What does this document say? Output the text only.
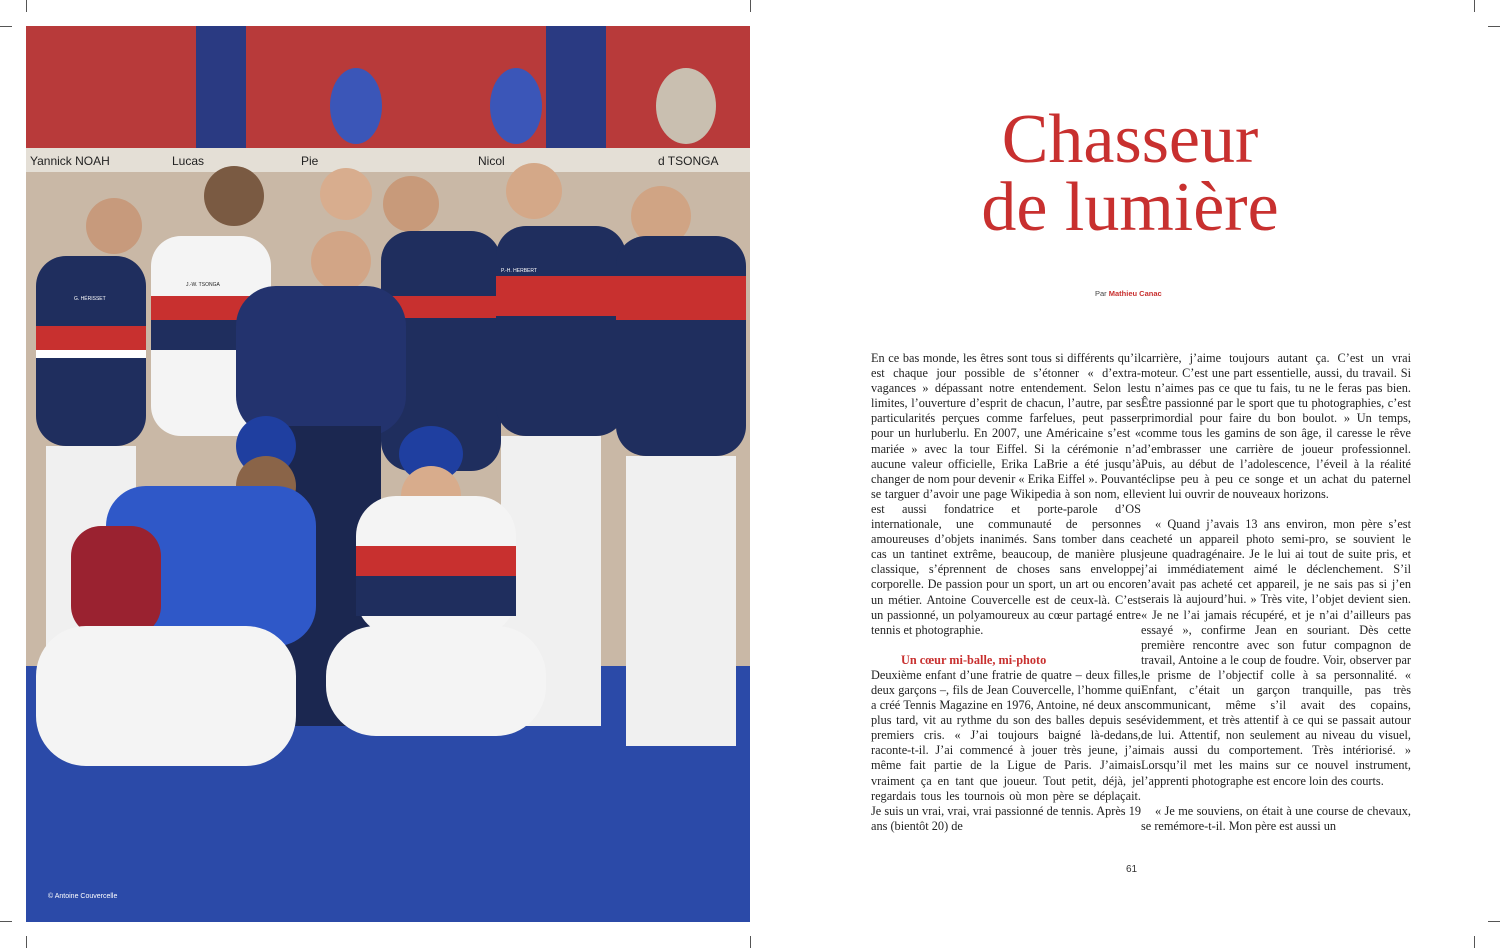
Yannick NOAH	Lucas	Pie	Nicol	d TSONGA
G. HÉRISSET
J.-W. TSONGA
P.-H. HERBERT
© Antoine Couvercelle
Chasseur
de lumière
Par Mathieu Canac

En ce bas monde, les êtres sont tous si différents qu’il est chaque jour possible de s’étonner « d’extra-vagances » dépassant notre entendement. Selon les limites, l’ouverture d’esprit de chacun, l’autre, par ses particularités perçues comme farfelues, peut passer pour un hurluberlu. En 2007, une Américaine s’est « mariée » avec la tour Eiffel. Si la cérémonie n’a aucune valeur officielle, Erika LaBrie a été jusqu’à changer de nom pour devenir « Erika Eiffel ». Pouvant se targuer d’avoir une page Wikipedia à son nom, elle est aussi fondatrice et porte-parole d’OS internationale, une communauté de personnes amoureuses d’objets inanimés. Sans tomber dans ce cas un tantinet extrême, beaucoup, de manière plus classique, s’éprennent de choses sans enveloppe corporelle. De passion pour un sport, un art ou encore un métier. Antoine Couvercelle est de ceux-là. C’est un passionné, un polyamoureux au cœur partagé entre tennis et photographie.

Un cœur mi-balle, mi-photo

Deuxième enfant d’une fratrie de quatre – deux filles, deux garçons –, fils de Jean Couvercelle, l’homme qui a créé Tennis Magazine en 1976, Antoine, né deux ans plus tard, vit au rythme du son des balles depuis ses premiers cris. « J’ai toujours baigné là-dedans, raconte-t-il. J’ai commencé à jouer très jeune, j’ai même fait partie de la Ligue de Paris. J’aimais vraiment ça en tant que joueur. Tout petit, déjà, je regardais tous les tournois où mon père se déplaçait. Je suis un vrai, vrai, vrai passionné de tennis. Après 19 ans (bientôt 20) de

carrière, j’aime toujours autant ça. C’est un vrai moteur. C’est une part essentielle, aussi, du travail. Si tu n’aimes pas ce que tu fais, tu ne le feras pas bien. Être passionné par le sport que tu photographies, c’est primordial pour faire du bon boulot. » Un temps, comme tous les gamins de son âge, il caresse le rêve d’embrasser une carrière de joueur professionnel. Puis, au début de l’adolescence, l’éveil à la réalité éclipse peu à peu ce songe et un achat du paternel vient lui ouvrir de nouveaux horizons.

« Quand j’avais 13 ans environ, mon père s’est acheté un appareil photo semi-pro, se souvient le jeune quadragénaire. Je le lui ai tout de suite pris, et j’ai immédiatement aimé le déclenchement. S’il n’avait pas acheté cet appareil, je ne sais pas si j’en serais là aujourd’hui. » Très vite, l’objet devient sien. « Je ne l’ai jamais récupéré, et je n’ai d’ailleurs pas essayé », confirme Jean en souriant. Dès cette première rencontre avec son futur compagnon de travail, Antoine a le coup de foudre. Voir, observer par le prisme de l’objectif colle à sa personnalité. « Enfant, c’était un garçon tranquille, pas très communicant, même s’il avait des copains, évidemment, et très attentif à ce qui se passait autour de lui. Attentif, non seulement au niveau du visuel, mais aussi du comportement. Très intériorisé. » Lorsqu’il met les mains sur ce nouvel instrument, l’apprenti photographe est encore loin des courts.

« Je me souviens, on était à une course de chevaux, se remémore-t-il. Mon père est aussi un

61
